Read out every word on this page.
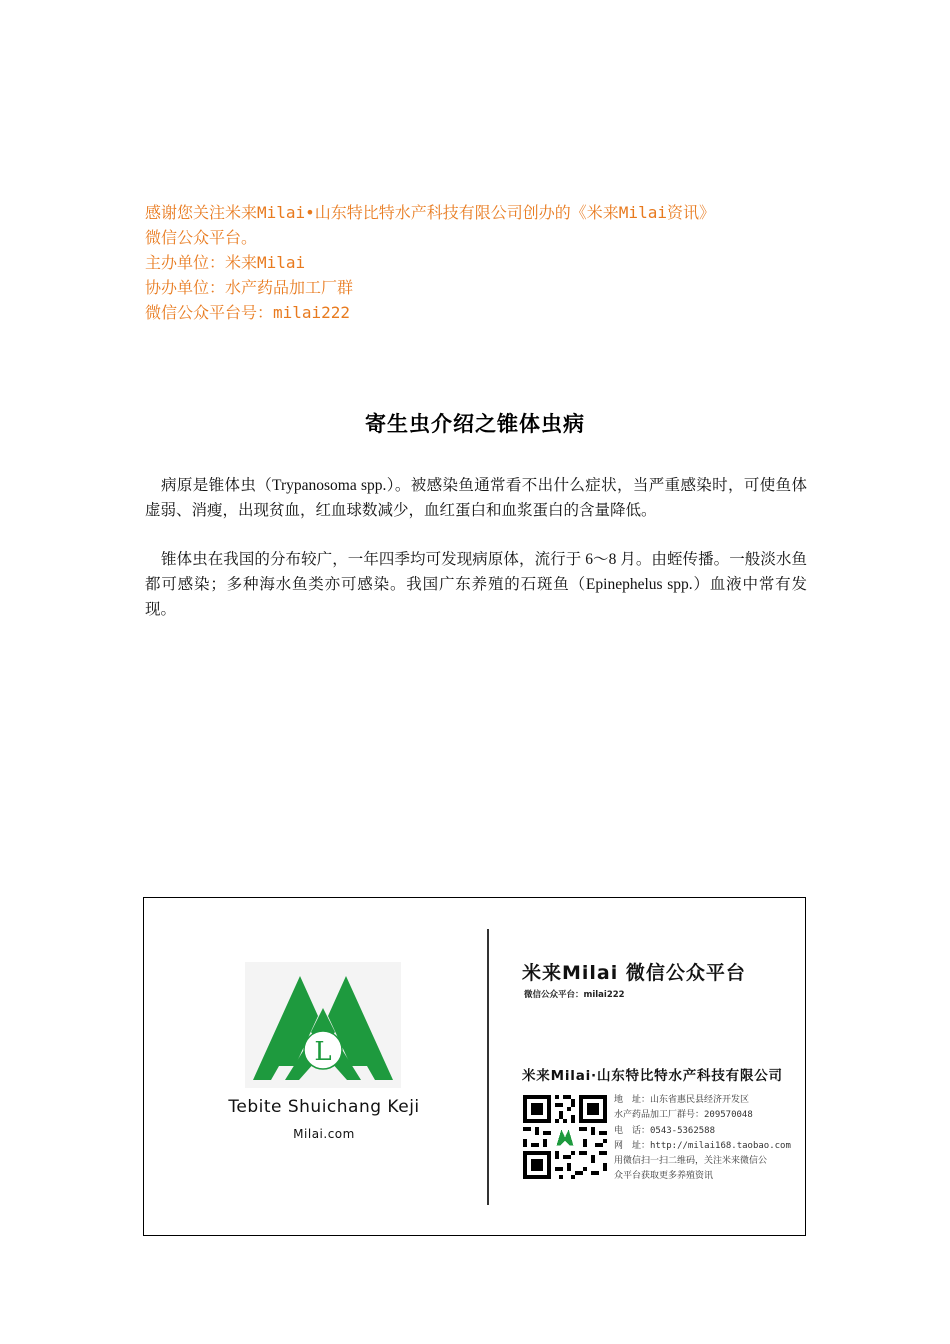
感谢您关注米来Milai•山东特比特水产科技有限公司创办的《米来Milai资讯》
微信公众平台。
主办单位：米来Milai
协办单位：水产药品加工厂群
微信公众平台号：milai222
寄生虫介绍之锥体虫病

病原是锥体虫（Trypanosoma spp.）。被感染鱼通常看不出什么症状，当严重感染时，可使鱼体虚弱、消瘦，出现贫血，红血球数减少，血红蛋白和血浆蛋白的含量降低。

锥体虫在我国的分布较广，一年四季均可发现病原体，流行于 6～8 月。由蛭传播。一般淡水鱼都可感染；多种海水鱼类亦可感染。我国广东养殖的石斑鱼（Epinephelus spp.）血液中常有发现。

L
Tebite Shuichang Keji
Milai.com
米来Milai 微信公众平台
微信公众平台：milai222
米来Milai·山东特比特水产科技有限公司
地　址：山东省惠民县经济开发区
水产药品加工厂群号：209570048
电　话：0543-5362588
网　址：http://milai168.taobao.com
用微信扫一扫二维码，关注米来微信公
众平台获取更多养殖资讯
